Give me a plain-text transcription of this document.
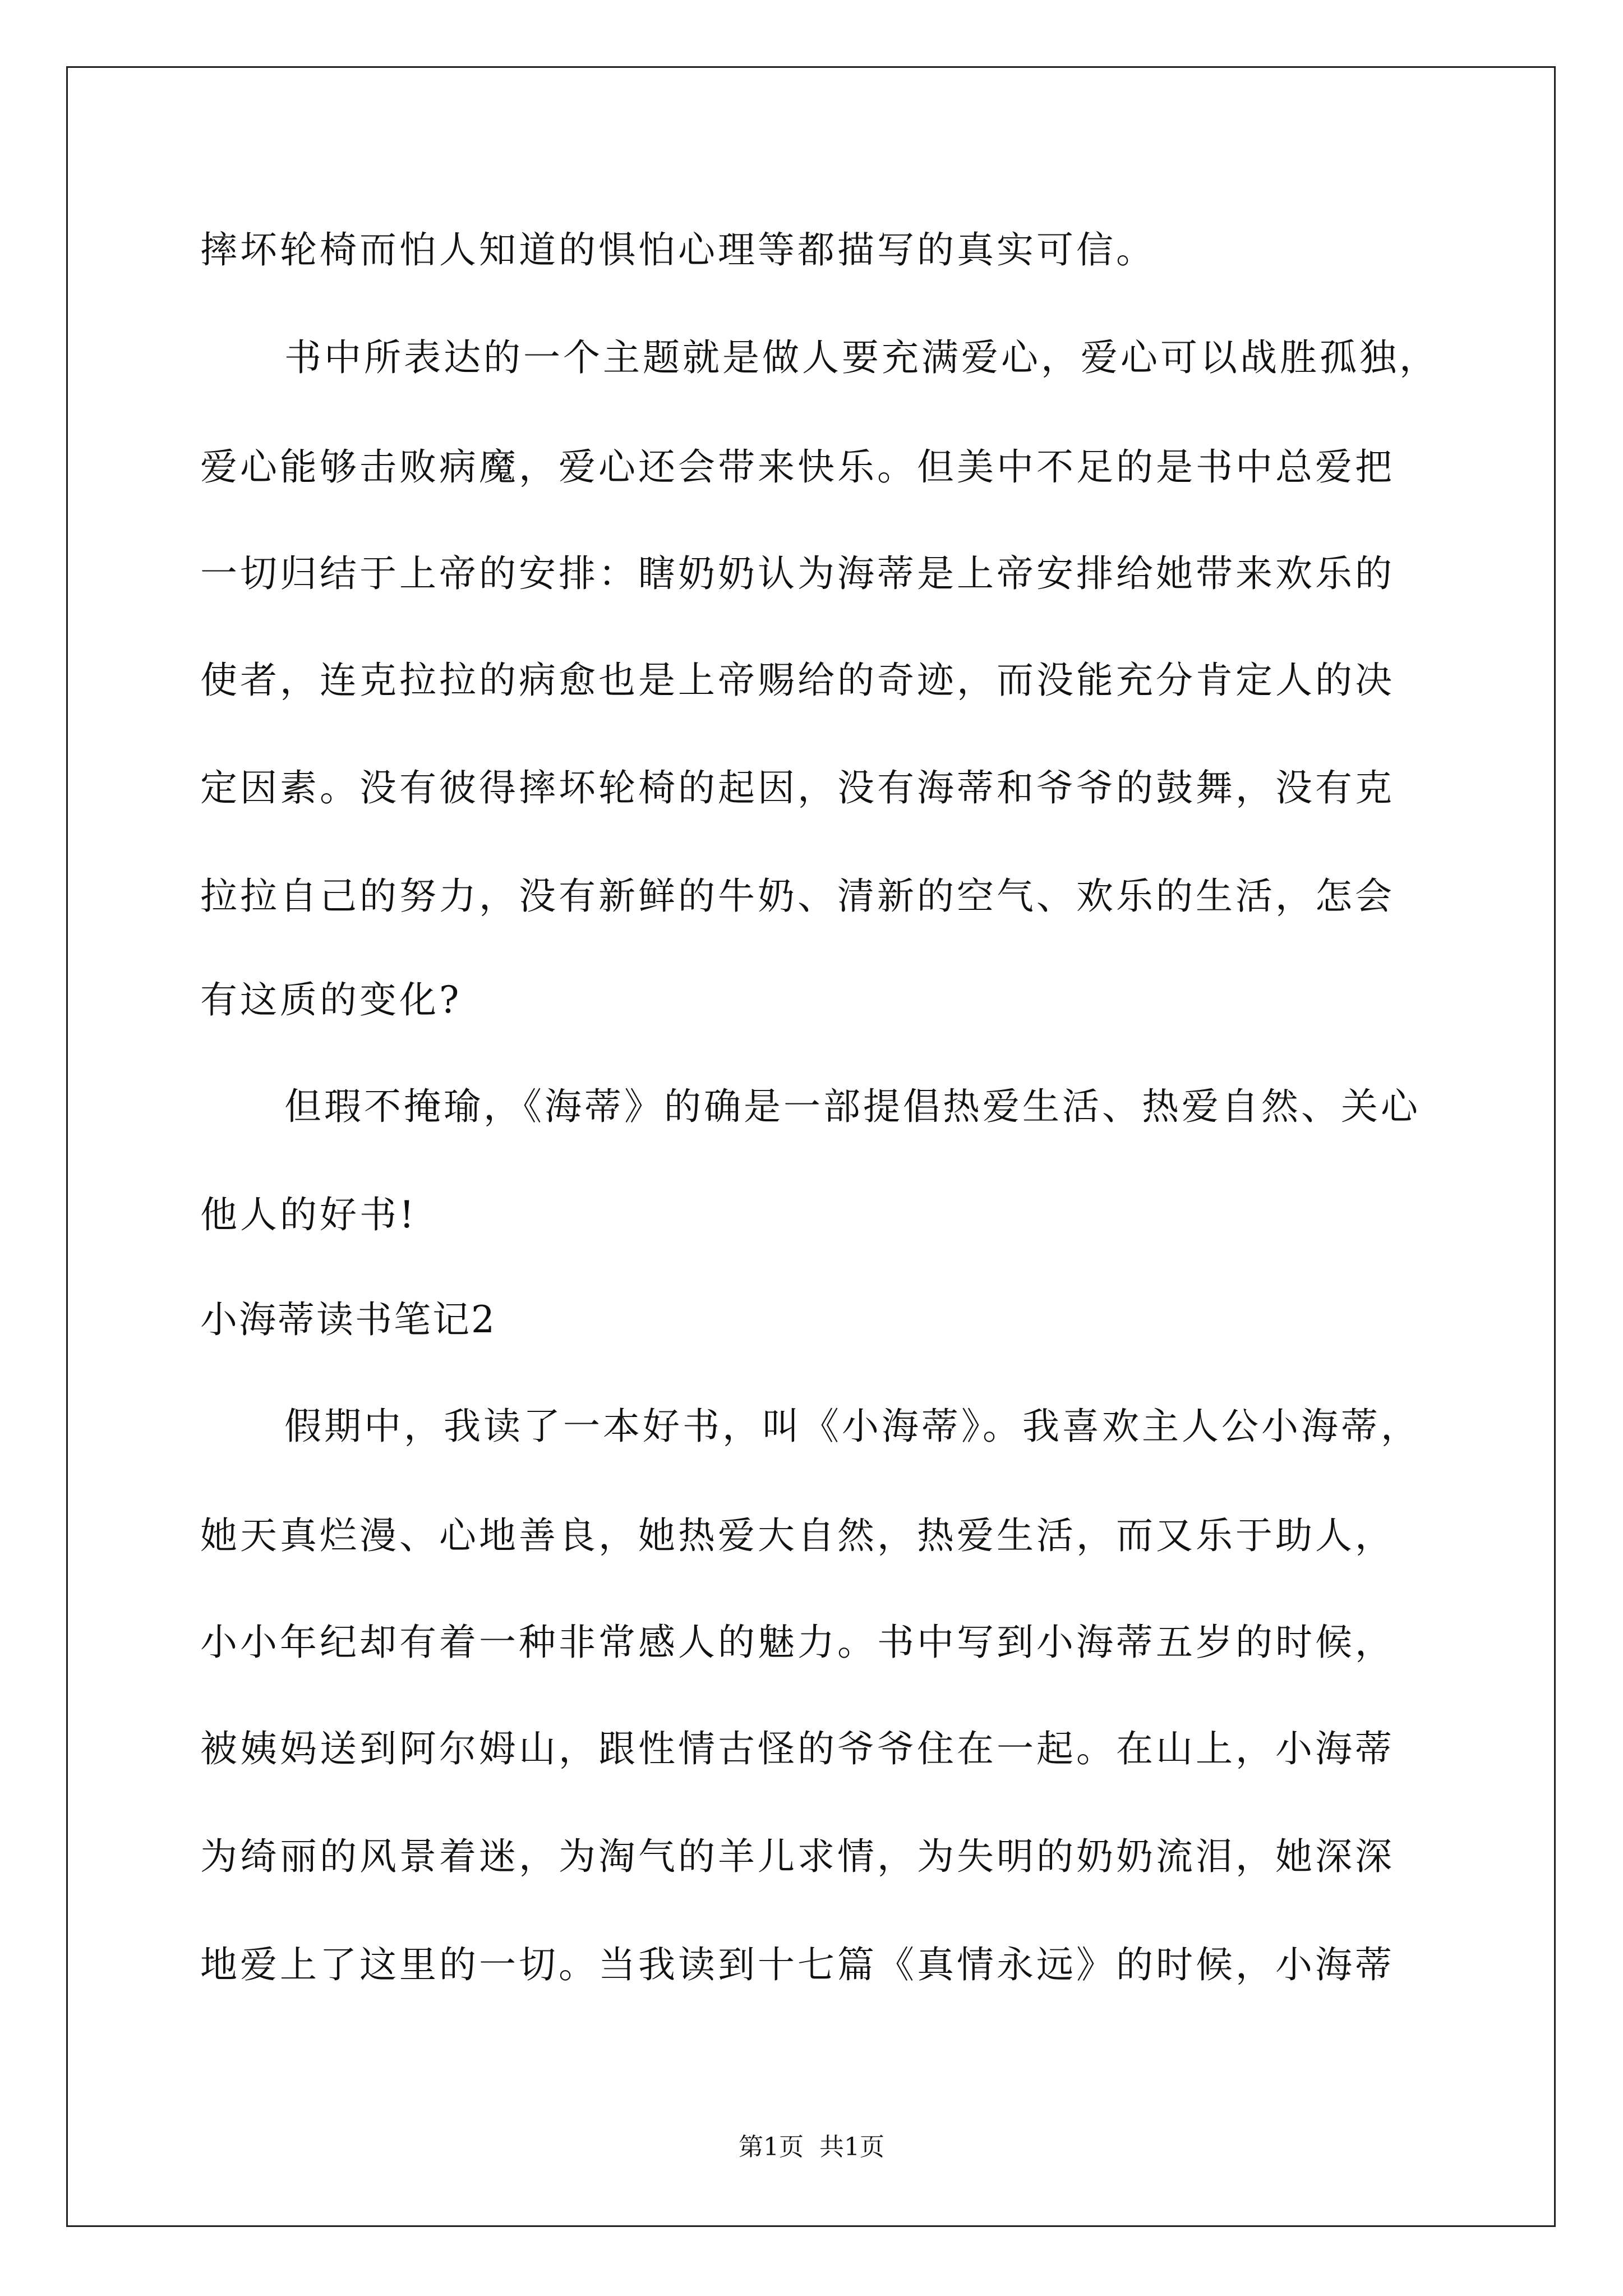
摔坏轮椅而怕人知道的惧怕心理等都描写的真实可信。
书中所表达的一个主题就是做人要充满爱心，爱心可以战胜孤独，
爱心能够击败病魔，爱心还会带来快乐。但美中不足的是书中总爱把
一切归结于上帝的安排：瞎奶奶认为海蒂是上帝安排给她带来欢乐的
使者，连克拉拉的病愈也是上帝赐给的奇迹，而没能充分肯定人的决
定因素。没有彼得摔坏轮椅的起因，没有海蒂和爷爷的鼓舞，没有克
拉拉自己的努力，没有新鲜的牛奶、清新的空气、欢乐的生活，怎会
有这质的变化?
但瑕不掩瑜，《海蒂》的确是一部提倡热爱生活、热爱自然、关心
他人的好书!
小海蒂读书笔记2
假期中，我读了一本好书，叫《小海蒂》。我喜欢主人公小海蒂，
她天真烂漫、心地善良，她热爱大自然，热爱生活，而又乐于助人，
小小年纪却有着一种非常感人的魅力。书中写到小海蒂五岁的时候，
被姨妈送到阿尔姆山，跟性情古怪的爷爷住在一起。在山上，小海蒂
为绮丽的风景着迷，为淘气的羊儿求情，为失明的奶奶流泪，她深深
地爱上了这里的一切。当我读到十七篇《真情永远》的时候，小海蒂
第1页  共1页
